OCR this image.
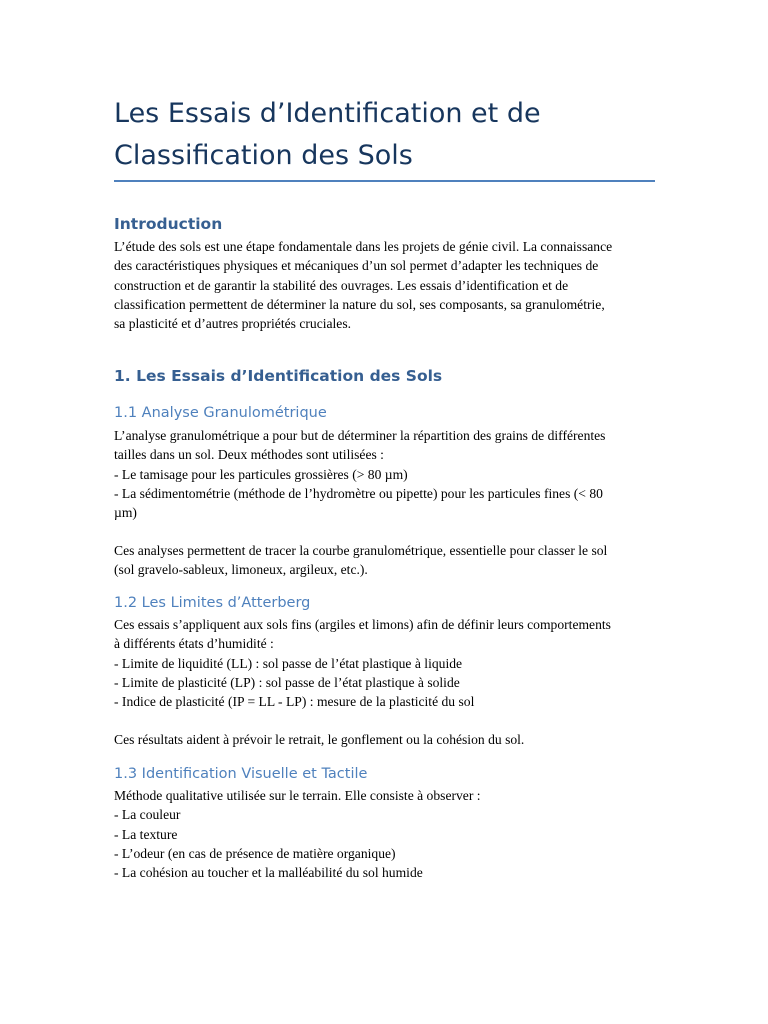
Les Essais d’Identification et de
Classification des Sols
Introduction

L’étude des sols est une étape fondamentale dans les projets de génie civil. La connaissance
des caractéristiques physiques et mécaniques d’un sol permet d’adapter les techniques de
construction et de garantir la stabilité des ouvrages. Les essais d’identification et de
classification permettent de déterminer la nature du sol, ses composants, sa granulométrie,
sa plasticité et d’autres propriétés cruciales.

1. Les Essais d’Identification des Sols
1.1 Analyse Granulométrique

L’analyse granulométrique a pour but de déterminer la répartition des grains de différentes
tailles dans un sol. Deux méthodes sont utilisées :
- Le tamisage pour les particules grossières (> 80 µm)
- La sédimentométrie (méthode de l’hydromètre ou pipette) pour les particules fines (< 80
µm)

Ces analyses permettent de tracer la courbe granulométrique, essentielle pour classer le sol
(sol gravelo-sableux, limoneux, argileux, etc.).

1.2 Les Limites d’Atterberg

Ces essais s’appliquent aux sols fins (argiles et limons) afin de définir leurs comportements
à différents états d’humidité :
- Limite de liquidité (LL) : sol passe de l’état plastique à liquide
- Limite de plasticité (LP) : sol passe de l’état plastique à solide
- Indice de plasticité (IP = LL - LP) : mesure de la plasticité du sol

Ces résultats aident à prévoir le retrait, le gonflement ou la cohésion du sol.

1.3 Identification Visuelle et Tactile

Méthode qualitative utilisée sur le terrain. Elle consiste à observer :
- La couleur
- La texture
- L’odeur (en cas de présence de matière organique)
- La cohésion au toucher et la malléabilité du sol humide
